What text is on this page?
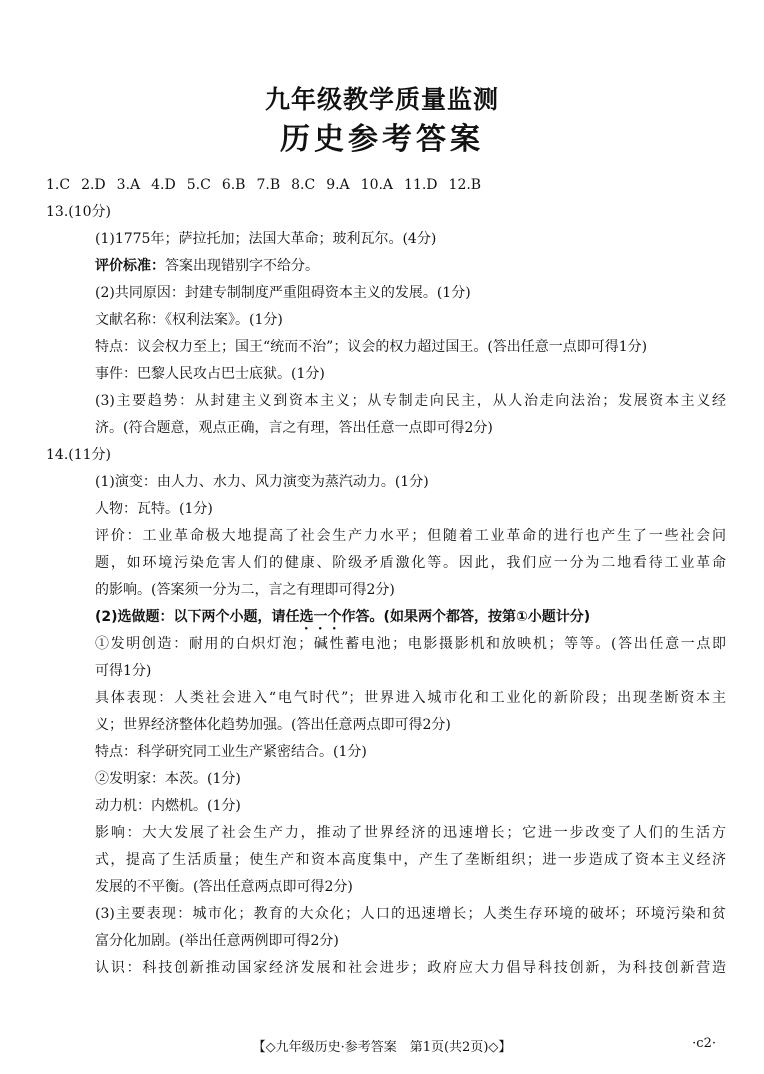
九年级教学质量监测
历史参考答案
1.C 2.D 3.A 4.D 5.C 6.B 7.B 8.C 9.A 10.A 11.D 12.B
13.(10分)
(1)1775年；萨拉托加；法国大革命；玻利瓦尔。(4分)
评价标准：答案出现错别字不给分。
(2)共同原因：封建专制制度严重阻碍资本主义的发展。(1分)
文献名称：《权利法案》。(1分)
特点：议会权力至上；国王“统而不治”；议会的权力超过国王。(答出任意一点即可得1分)
事件：巴黎人民攻占巴士底狱。(1分)
(3)主要趋势：从封建主义到资本主义；从专制走向民主，从人治走向法治；发展资本主义经
济。(符合题意，观点正确，言之有理，答出任意一点即可得2分)
14.(11分)
(1)演变：由人力、水力、风力演变为蒸汽动力。(1分)
人物：瓦特。(1分)
评价：工业革命极大地提高了社会生产力水平；但随着工业革命的进行也产生了一些社会问
题，如环境污染危害人们的健康、阶级矛盾激化等。因此，我们应一分为二地看待工业革命
的影响。(答案须一分为二，言之有理即可得2分)
(2)选做题：以下两个小题，请任选一个作答。(如果两个都答，按第①小题计分)
①发明创造：耐用的白炽灯泡；碱性蓄电池；电影摄影机和放映机；等等。(答出任意一点即
可得1分)
具体表现：人类社会进入“电气时代”；世界进入城市化和工业化的新阶段；出现垄断资本主
义；世界经济整体化趋势加强。(答出任意两点即可得2分)
特点：科学研究同工业生产紧密结合。(1分)
②发明家：本茨。(1分)
动力机：内燃机。(1分)
影响：大大发展了社会生产力，推动了世界经济的迅速增长；它进一步改变了人们的生活方
式，提高了生活质量；使生产和资本高度集中，产生了垄断组织；进一步造成了资本主义经济
发展的不平衡。(答出任意两点即可得2分)
(3)主要表现：城市化；教育的大众化；人口的迅速增长；人类生存环境的破坏；环境污染和贫
富分化加剧。(举出任意两例即可得2分)
认识：科技创新推动国家经济发展和社会进步；政府应大力倡导科技创新，为科技创新营造
【◇九年级历史·参考答案　第1页(共2页)◇】	·c2·
